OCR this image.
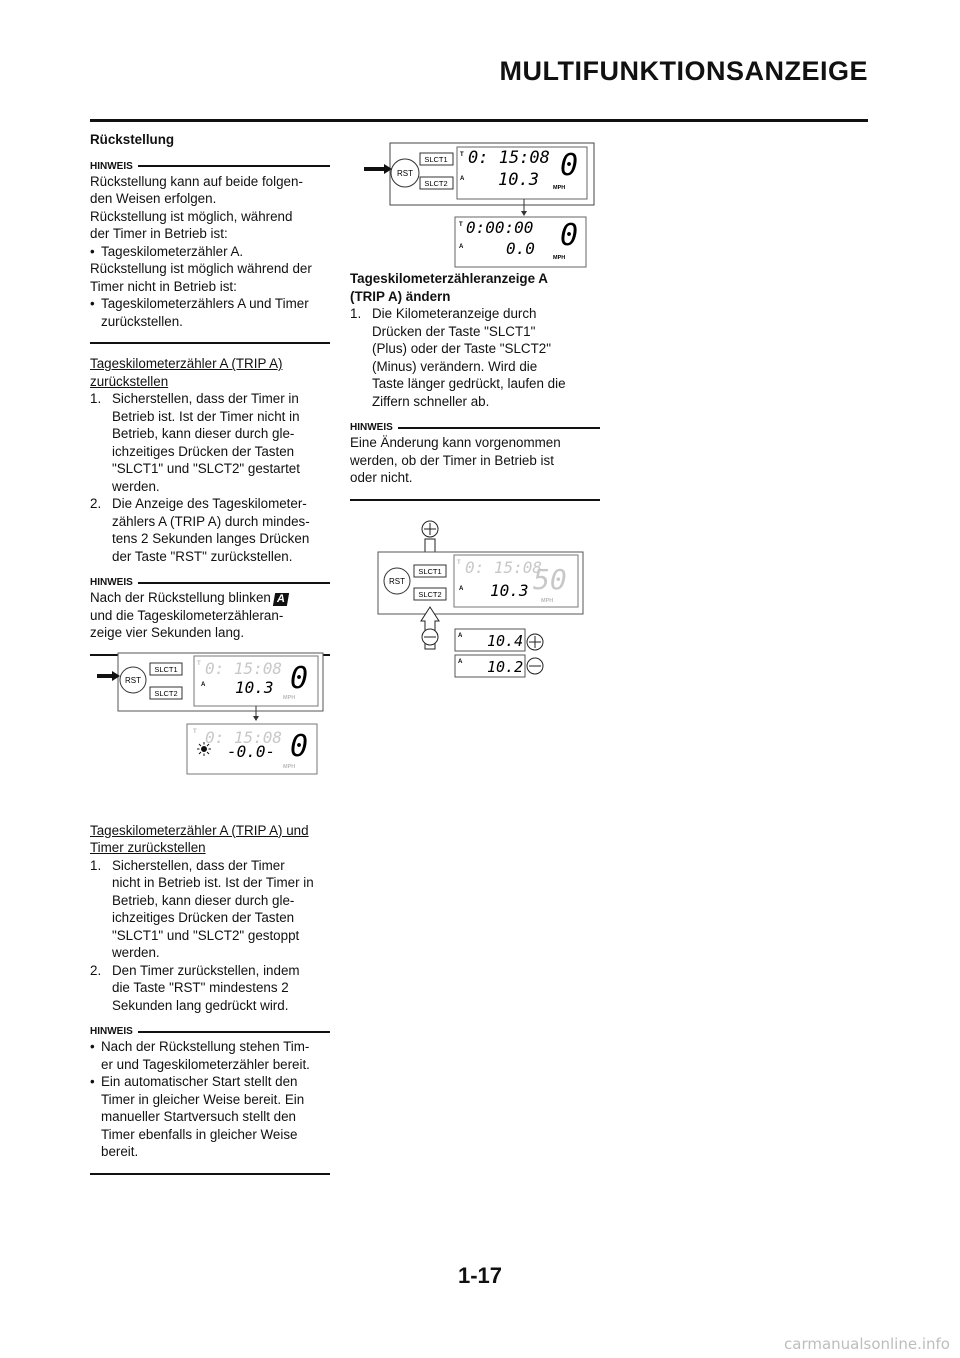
MULTIFUNKTIONSANZEIGE
Rückstellung
HINWEIS
Rückstellung kann auf beide folgen-
den Weisen erfolgen.
Rückstellung ist möglich, während
der Timer in Betrieb ist:
• Tageskilometerzähler A.
Rückstellung ist möglich während der
Timer nicht in Betrieb ist:
• Tageskilometerzählers A und Timer
zurückstellen.
Tageskilometerzähler A (TRIP A)
zurückstellen
1. Sicherstellen, dass der Timer in
Betrieb ist. Ist der Timer nicht in
Betrieb, kann dieser durch gle-
ichzeitiges Drücken der Tasten
"SLCT1" und "SLCT2" gestartet
werden.
2. Die Anzeige des Tageskilometer-
zählers A (TRIP A) durch mindes-
tens 2 Sekunden langes Drücken
der Taste "RST" zurückstellen.
HINWEIS
Nach der Rückstellung blinken A
und die Tageskilometerzähleran-
zeige vier Sekunden lang.
Tageskilometerzähler A (TRIP A) und
Timer zurückstellen
1. Sicherstellen, dass der Timer
nicht in Betrieb ist. Ist der Timer in
Betrieb, kann dieser durch gle-
ichzeitiges Drücken der Tasten
"SLCT1" und "SLCT2" gestoppt
werden.
2. Den Timer zurückstellen, indem
die Taste "RST" mindestens 2
Sekunden lang gedrückt wird.
HINWEIS
• Nach der Rückstellung stehen Tim-
er und Tageskilometerzähler bereit.
• Ein automatischer Start stellt den
Timer in gleicher Weise bereit. Ein
manueller Startversuch stellt den
Timer ebenfalls in gleicher Weise
bereit.
Tageskilometerzähleranzeige A
(TRIP A) ändern
1. Die Kilometeranzeige durch
Drücken der Taste "SLCT1"
(Plus) oder der Taste "SLCT2"
(Minus) verändern. Wird die
Taste länger gedrückt, laufen die
Ziffern schneller ab.
HINWEIS
Eine Änderung kann vorgenommen
werden, ob der Timer in Betrieb ist
oder nicht.
RST
SLCT1
SLCT2
T
A
0: 15:08
10.3 0
MPH
T
A
0:00:00
0.0 0
MPH
RST
SLCT1
SLCT2
T
A
0: 15:08
10.3 0
MPH
T 0: 15:08
-0.0- 0
MPH
RST
SLCT1
SLCT2
T
A
0: 15:08
10.3 50
MPH
A 10.4
A 10.2
1-17
carmanualsonline.info
